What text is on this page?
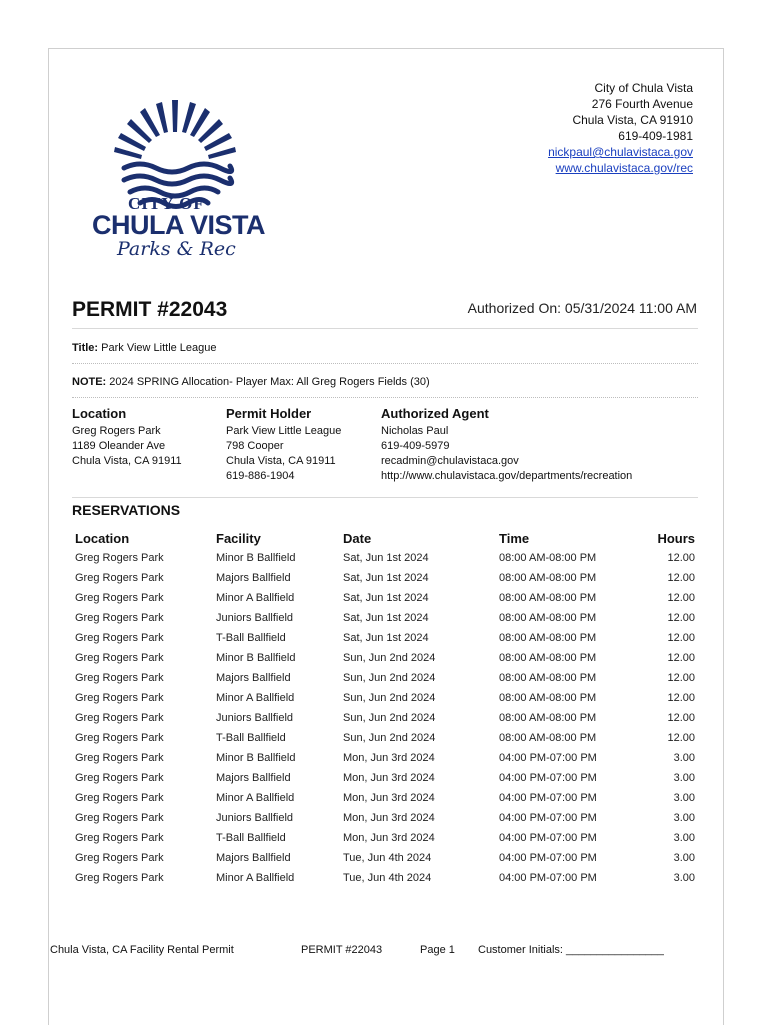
CITY OF
CHULA VISTA
Parks & Rec
City of Chula Vista
276 Fourth Avenue
Chula Vista, CA 91910
619-409-1981
nickpaul@chulavistaca.gov
www.chulavistaca.gov/rec
PERMIT #22043	Authorized On: 05/31/2024 11:00 AM
Title: Park View Little League
NOTE: 2024 SPRING Allocation- Player Max: All Greg Rogers Fields (30)
Location
Greg Rogers Park
1189 Oleander Ave
Chula Vista, CA 91911
Permit Holder
Park View Little League
798 Cooper
Chula Vista, CA 91911
619-886-1904
Authorized Agent
Nicholas Paul
619-409-5979
recadmin@chulavistaca.gov
http://www.chulavistaca.gov/departments/recreation
RESERVATIONS
Location	Facility	Date	Time	Hours
Greg Rogers Park	Minor B Ballfield	Sat, Jun 1st 2024	08:00 AM-08:00 PM	12.00
Greg Rogers Park	Majors Ballfield	Sat, Jun 1st 2024	08:00 AM-08:00 PM	12.00
Greg Rogers Park	Minor A Ballfield	Sat, Jun 1st 2024	08:00 AM-08:00 PM	12.00
Greg Rogers Park	Juniors Ballfield	Sat, Jun 1st 2024	08:00 AM-08:00 PM	12.00
Greg Rogers Park	T-Ball Ballfield	Sat, Jun 1st 2024	08:00 AM-08:00 PM	12.00
Greg Rogers Park	Minor B Ballfield	Sun, Jun 2nd 2024	08:00 AM-08:00 PM	12.00
Greg Rogers Park	Majors Ballfield	Sun, Jun 2nd 2024	08:00 AM-08:00 PM	12.00
Greg Rogers Park	Minor A Ballfield	Sun, Jun 2nd 2024	08:00 AM-08:00 PM	12.00
Greg Rogers Park	Juniors Ballfield	Sun, Jun 2nd 2024	08:00 AM-08:00 PM	12.00
Greg Rogers Park	T-Ball Ballfield	Sun, Jun 2nd 2024	08:00 AM-08:00 PM	12.00
Greg Rogers Park	Minor B Ballfield	Mon, Jun 3rd 2024	04:00 PM-07:00 PM	3.00
Greg Rogers Park	Majors Ballfield	Mon, Jun 3rd 2024	04:00 PM-07:00 PM	3.00
Greg Rogers Park	Minor A Ballfield	Mon, Jun 3rd 2024	04:00 PM-07:00 PM	3.00
Greg Rogers Park	Juniors Ballfield	Mon, Jun 3rd 2024	04:00 PM-07:00 PM	3.00
Greg Rogers Park	T-Ball Ballfield	Mon, Jun 3rd 2024	04:00 PM-07:00 PM	3.00
Greg Rogers Park	Majors Ballfield	Tue, Jun 4th 2024	04:00 PM-07:00 PM	3.00
Greg Rogers Park	Minor A Ballfield	Tue, Jun 4th 2024	04:00 PM-07:00 PM	3.00
Chula Vista, CA Facility Rental Permit	PERMIT #22043	Page 1 Customer Initials: ________________
